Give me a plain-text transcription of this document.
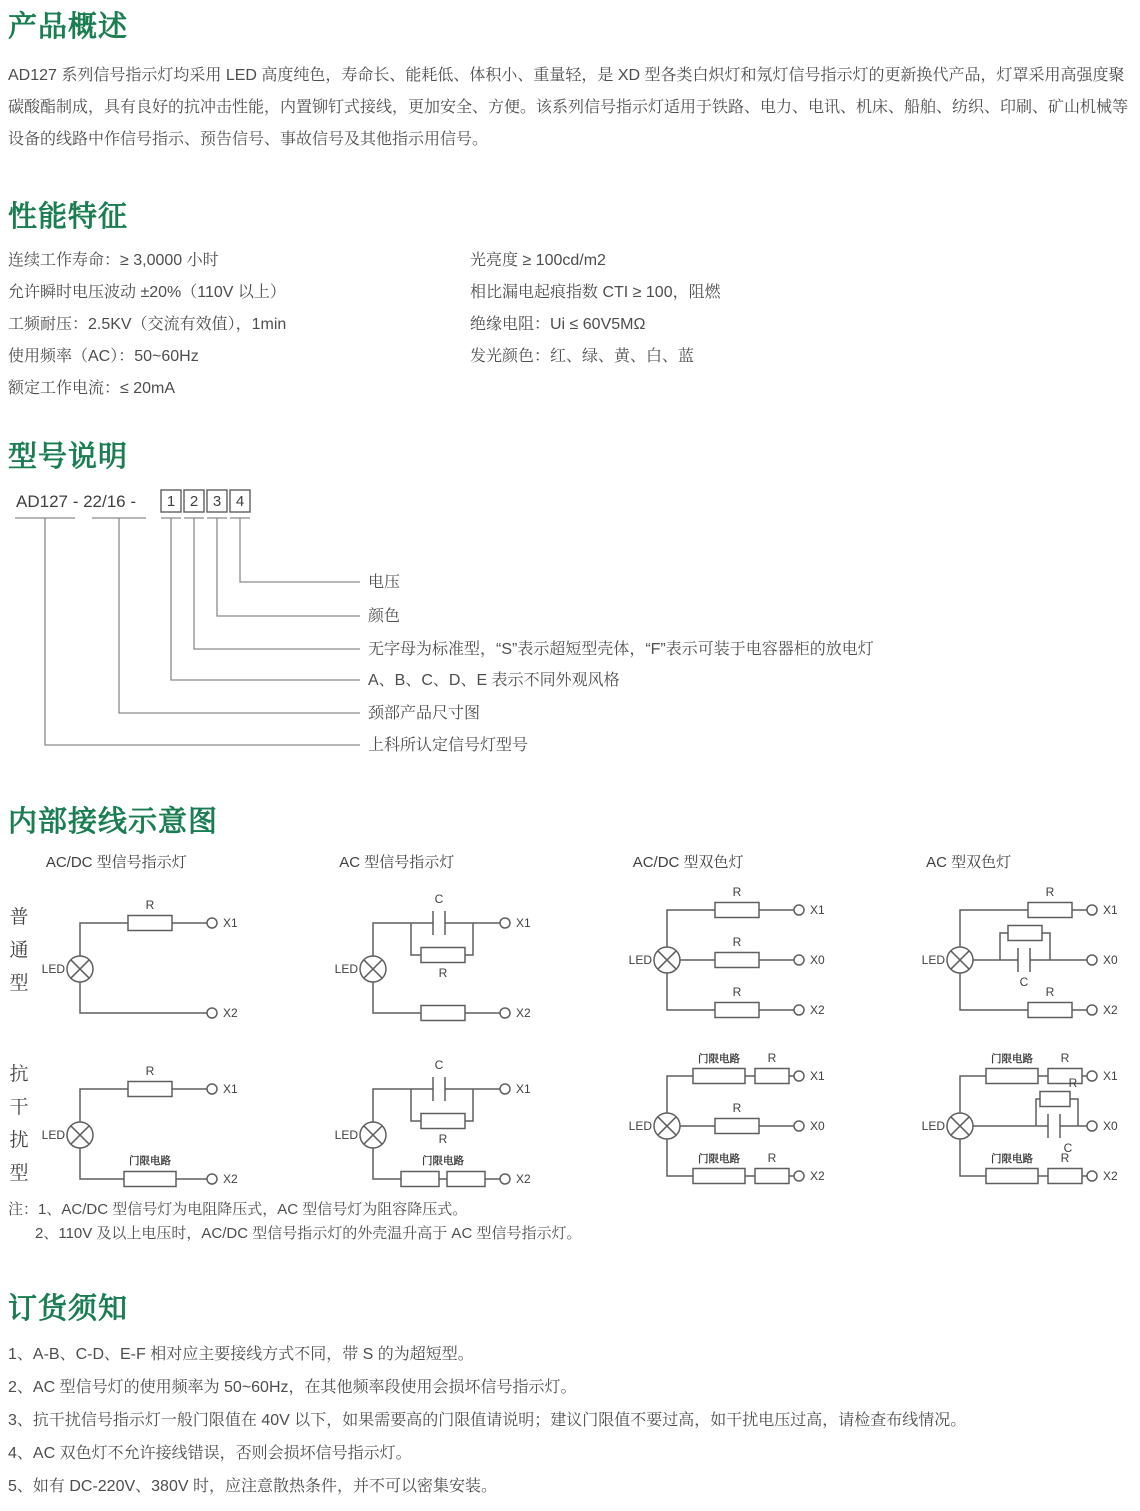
产品概述

AD127 系列信号指示灯均采用 LED 高度纯色，寿命长、能耗低、体积小、重量轻，是 XD 型各类白炽灯和氖灯信号指示灯的更新换代产品，灯罩采用高强度聚碳酸酯制成，具有良好的抗冲击性能，内置铆钉式接线，更加安全、方便。该系列信号指示灯适用于铁路、电力、电讯、机床、船舶、纺织、印刷、矿山机械等设备的线路中作信号指示、预告信号、事故信号及其他指示用信号。

性能特征

连续工作寿命：≥ 3,0000 小时

允许瞬时电压波动 ±20%（110V 以上）

工频耐压：2.5KV（交流有效值），1min

使用频率（AC）：50~60Hz

额定工作电流：≤ 20mA

光亮度 ≥ 100cd/m2

相比漏电起痕指数 CTI ≥ 100，阻燃

绝缘电阻：Ui ≤ 60V5MΩ

发光颜色：红、绿、黄、白、蓝

型号说明
AD127 - 22/16 - 1 2 3 4
电压
颜色
无字母为标准型，“S”表示超短型壳体，“F”表示可装于电容器柜的放电灯
A、B、C、D、E 表示不同外观风格
颈部产品尺寸图
上科所认定信号灯型号
内部接线示意图
普通型
抗干扰型
AC/DC 型信号指示灯
R
LED
X1
X2
R
门限电路
LED
X1
X2
AC 型信号指示灯
C
R
LED
X1
X2
C
R
门限电路
LED
X1
X2
AC/DC 型双色灯
R
R
R
LED
X1
X0
X2
门限电路 R
R
门限电路 R
LED
X1
X0
X2
AC 型双色灯
R
C
R
LED
X1
X0
X2
门限电路 R
R
C
门限电路 R
LED
X1
X0
X2
注：1、AC/DC 型信号灯为电阻降压式，AC 型信号灯为阻容降压式。
2、110V 及以上电压时，AC/DC 型信号指示灯的外壳温升高于 AC 型信号指示灯。
订货须知

1、A-B、C-D、E-F 相对应主要接线方式不同，带 S 的为超短型。

2、AC 型信号灯的使用频率为 50~60Hz，在其他频率段使用会损坏信号指示灯。

3、抗干扰信号指示灯一般门限值在 40V 以下，如果需要高的门限值请说明；建议门限值不要过高，如干扰电压过高，请检查布线情况。

4、AC 双色灯不允许接线错误，否则会损坏信号指示灯。

5、如有 DC-220V、380V 时，应注意散热条件，并不可以密集安装。
